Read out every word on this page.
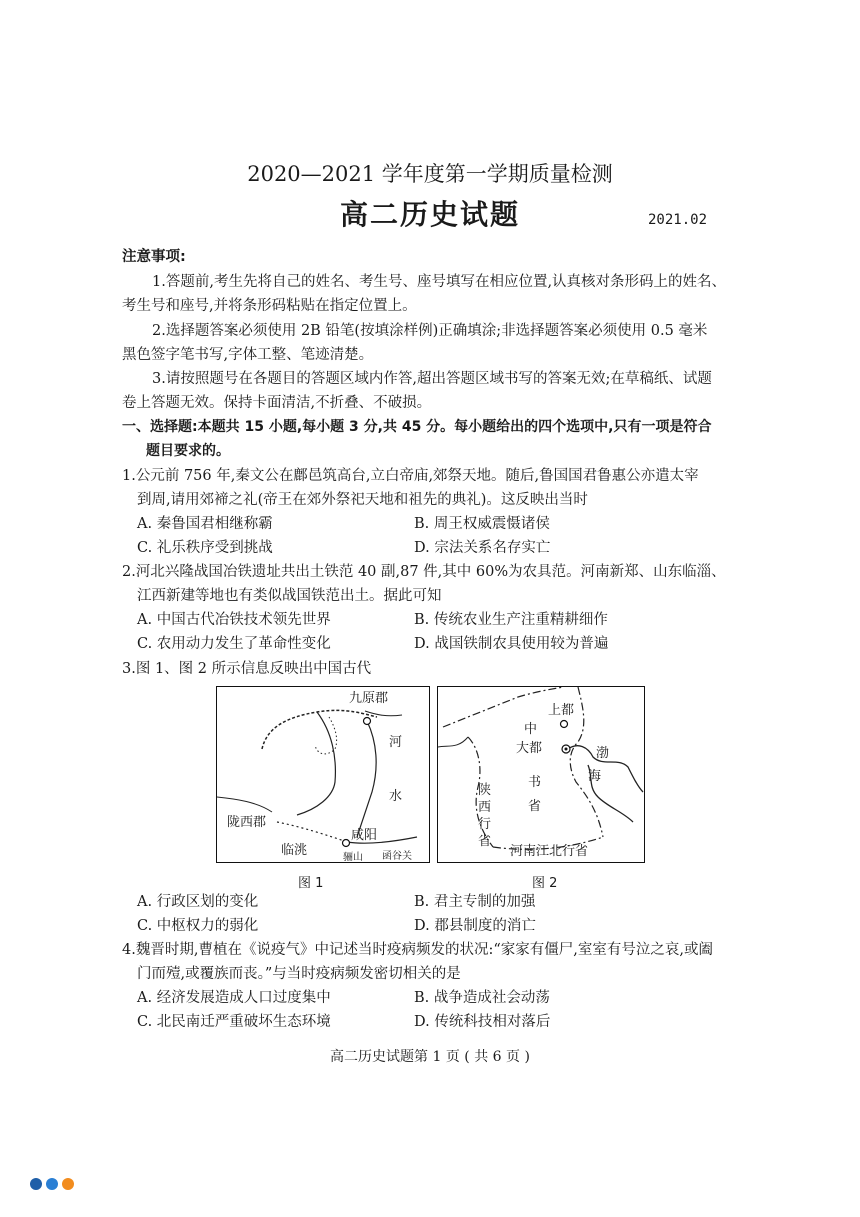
2020—2021 学年度第一学期质量检测
高二历史试题	2021.02
注意事项:
1.答题前,考生先将自己的姓名、考生号、座号填写在相应位置,认真核对条形码上的姓名、
考生号和座号,并将条形码粘贴在指定位置上。
2.选择题答案必须使用 2B 铅笔(按填涂样例)正确填涂;非选择题答案必须使用 0.5 毫米
黑色签字笔书写,字体工整、笔迹清楚。
3.请按照题号在各题目的答题区域内作答,超出答题区域书写的答案无效;在草稿纸、试题
卷上答题无效。保持卡面清洁,不折叠、不破损。
一、选择题:本题共 15 小题,每小题 3 分,共 45 分。每小题给出的四个选项中,只有一项是符合
题目要求的。
1.公元前 756 年,秦文公在鄜邑筑高台,立白帝庙,郊祭天地。随后,鲁国国君鲁惠公亦遣太宰
到周,请用郊褅之礼(帝王在郊外祭祀天地和祖先的典礼)。这反映出当时
A. 秦鲁国君相继称霸	B. 周王权威震慑诸侯
C. 礼乐秩序受到挑战	D. 宗法关系名存实亡
2.河北兴隆战国冶铁遗址共出土铁范 40 副,87 件,其中 60%为农具范。河南新郑、山东临淄、
江西新建等地也有类似战国铁范出土。据此可知
A. 中国古代冶铁技术领先世界	B. 传统农业生产注重精耕细作
C. 农用动力发生了革命性变化	D. 战国铁制农具使用较为普遍
3.图 1、图 2 所示信息反映出中国古代
九原郡
河
水
陇西郡
咸阳
临洮	骊山 函谷关
图 1
上都
中
大都
书
省
渤
海
陕
西
行
省
河南江北行省
图 2
A. 行政区划的变化	B. 君主专制的加强
C. 中枢权力的弱化	D. 郡县制度的消亡
4.魏晋时期,曹植在《说疫气》中记述当时疫病频发的状况:“家家有僵尸,室室有号泣之哀,或阖
门而殪,或覆族而丧。”与当时疫病频发密切相关的是
A. 经济发展造成人口过度集中	B. 战争造成社会动荡
C. 北民南迁严重破坏生态环境	D. 传统科技相对落后
高二历史试题第 1 页 ( 共 6 页 )
